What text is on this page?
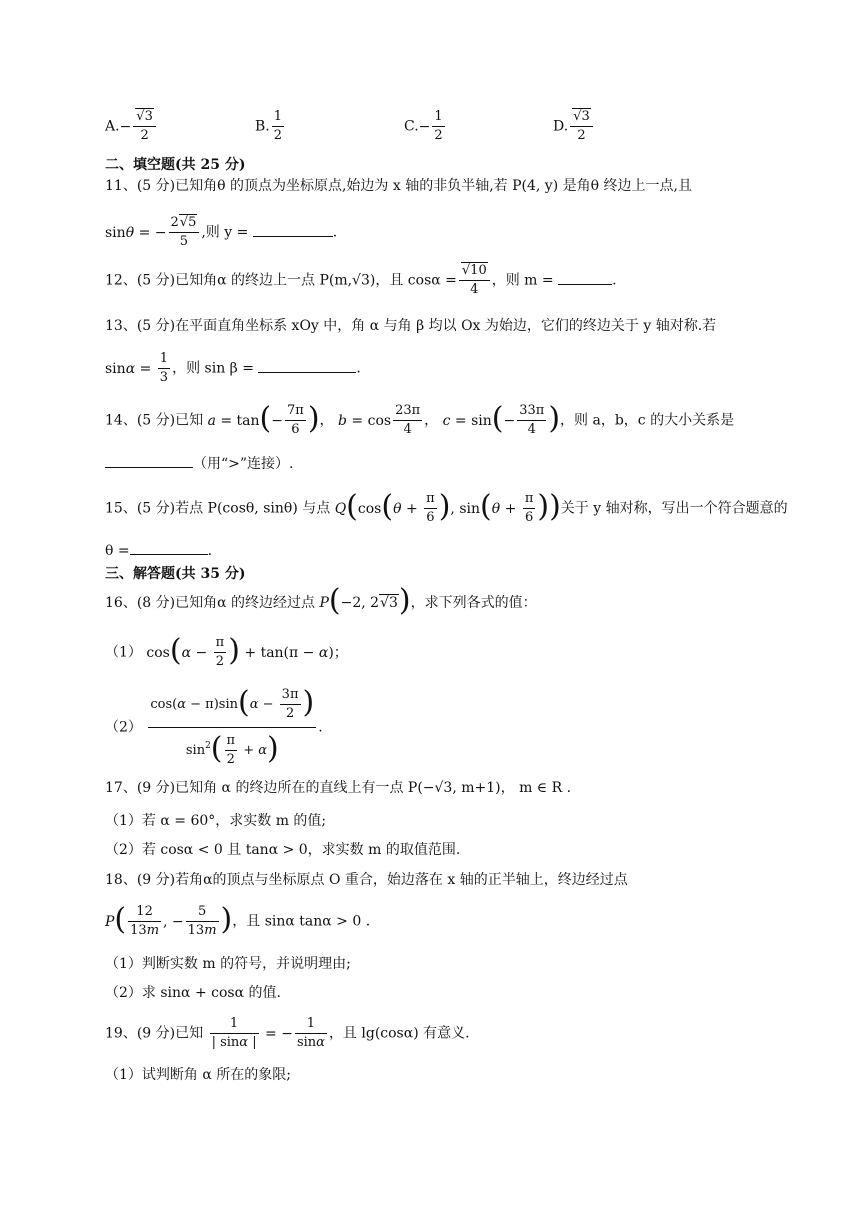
$A.- \frac{√3}{2}$	B. $\frac{1}{2}$	$C.- \frac{1}{2}$	D. $\frac{√3}{2}$
二、填空题(共 25 分)
11、(5 分)已知角θ 的顶点为坐标原点,始边为 x 轴的非负半轴,若 P(4, y) 是角θ 终边上一点,且
sinθ = − $\frac{2√5}{5}$ ,则 y =	.
12、(5 分)已知角α 的终边上一点 P(m,√3)，且 $\cos\alpha = \frac{√10}{4}$ ，则 m =	.
13、(5 分)在平面直角坐标系 xOy 中，角 α 与角 β 均以 Ox 为始边，它们的终边关于 y 轴对称.若
$\sin\alpha = \frac{1}{3}$ ，则 sin β =	.
14、(5 分)已知 $a = \tan(- \frac{7\pi}{6}$ )， $b = \cos \frac{23\pi}{4}$ ， $c = \sin(- \frac{33\pi}{4}$ )，则 a，b，c 的大小关系是
（用“>”连接）.
15、(5 分)若点 P(cosθ, sinθ) 与点 $Q(\cos(\theta + \frac{\pi}{6}$ ), $\sin(\theta + \frac{\pi}{6}$ ))关于 y 轴对称，写出一个符合题意的
θ =	.
三、解答题(共 35 分)
16、(8 分)已知角α 的终边经过点 P(−2, 2√3)，求下列各式的值：
（1） $\cos(\alpha - \frac{\pi}{2}$ ) + tan(π − α)；
$(2) \frac{\cos(\alpha - \pi)\sin(\alpha - \frac{3\pi}{2} )}{\sin^2( \frac{\pi}{2} + \alpha)}$ .
17、(9 分)已知角 α 的终边所在的直线上有一点 P(−√3, m+1)， m ∈ R .
（1）若 α = 60°，求实数 m 的值;
（2）若 cosα < 0 且 tanα > 0，求实数 m 的取值范围.
18、(9 分)若角α的顶点与坐标原点 O 重合，始边落在 x 轴的正半轴上，终边经过点
$P( \frac{12}{13m}$ , − $\frac{5}{13m}$ )，且 sinα tanα > 0 .
（1）判断实数 m 的符号，并说明理由;
（2）求 sinα + cosα 的值.
19、(9 分)已知 $\frac{1}{| \sin\alpha |}$ = − $\frac{1}{\sin\alpha}$ ，且 lg(cosα) 有意义.
（1）试判断角 α 所在的象限;
